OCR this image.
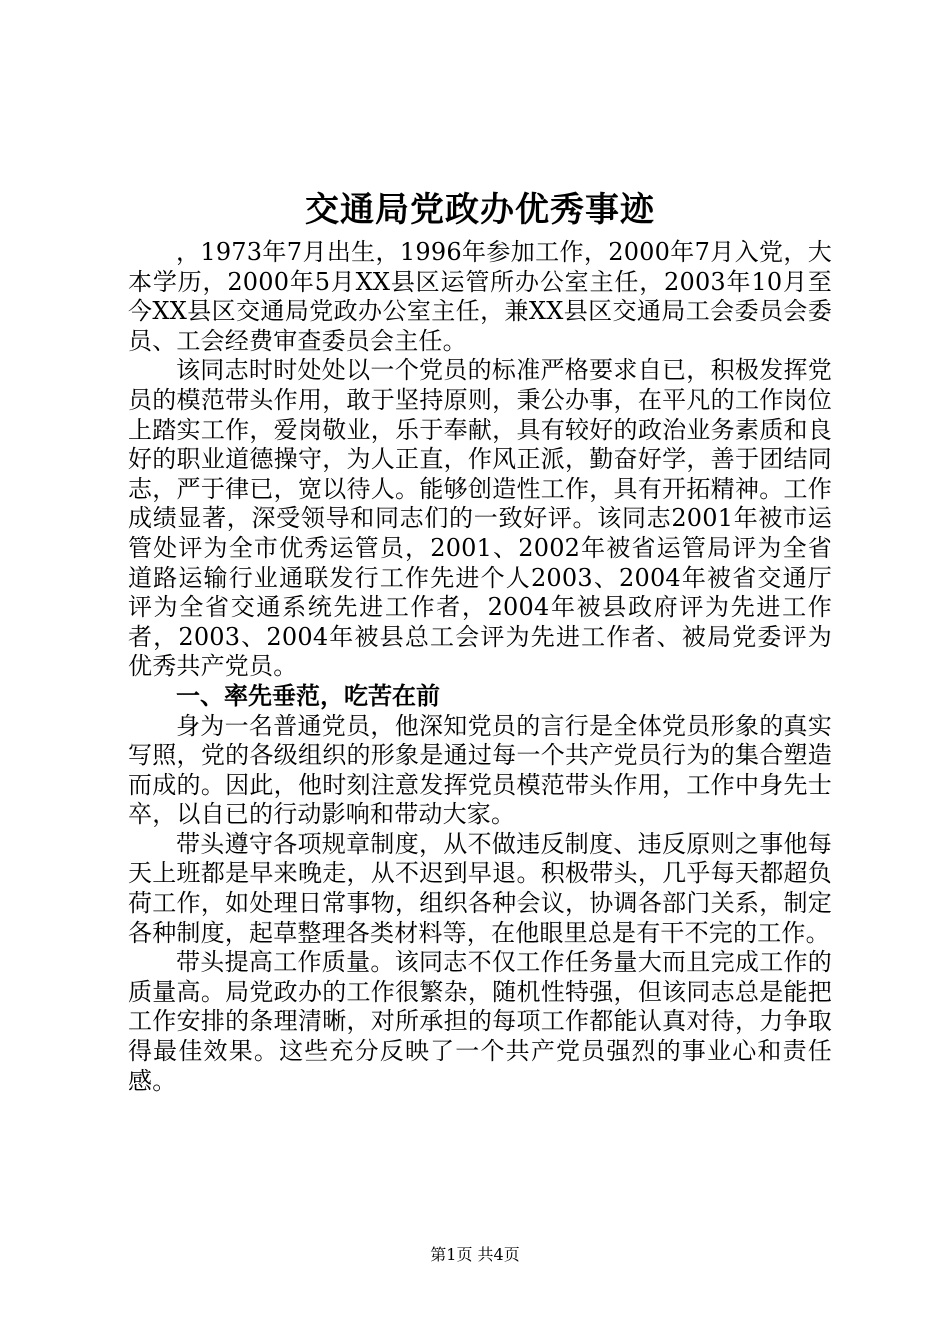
交通局党政办优秀事迹

，1973年7月出生，1996年参加工作，2000年7月入党，大本学历，2000年5月XX县区运管所办公室主任，2003年10月至今XX县区交通局党政办公室主任，兼XX县区交通局工会委员会委员、工会经费审查委员会主任。

该同志时时处处以一个党员的标准严格要求自已，积极发挥党员的模范带头作用，敢于坚持原则，秉公办事，在平凡的工作岗位上踏实工作，爱岗敬业，乐于奉献，具有较好的政治业务素质和良好的职业道德操守，为人正直，作风正派，勤奋好学，善于团结同志，严于律已，宽以待人。能够创造性工作，具有开拓精神。工作成绩显著，深受领导和同志们的一致好评。该同志2001年被市运管处评为全市优秀运管员，2001、2002年被省运管局评为全省道路运输行业通联发行工作先进个人2003、2004年被省交通厅评为全省交通系统先进工作者，2004年被县政府评为先进工作者，2003、2004年被县总工会评为先进工作者、被局党委评为优秀共产党员。

一、率先垂范，吃苦在前

身为一名普通党员，他深知党员的言行是全体党员形象的真实写照，党的各级组织的形象是通过每一个共产党员行为的集合塑造而成的。因此，他时刻注意发挥党员模范带头作用，工作中身先士卒，以自已的行动影响和带动大家。

带头遵守各项规章制度，从不做违反制度、违反原则之事他每天上班都是早来晚走，从不迟到早退。积极带头，几乎每天都超负荷工作，如处理日常事物，组织各种会议，协调各部门关系，制定各种制度，起草整理各类材料等，在他眼里总是有干不完的工作。

带头提高工作质量。该同志不仅工作任务量大而且完成工作的质量高。局党政办的工作很繁杂，随机性特强，但该同志总是能把工作安排的条理清晰，对所承担的每项工作都能认真对待，力争取得最佳效果。这些充分反映了一个共产党员强烈的事业心和责任感。

第1页 共4页
